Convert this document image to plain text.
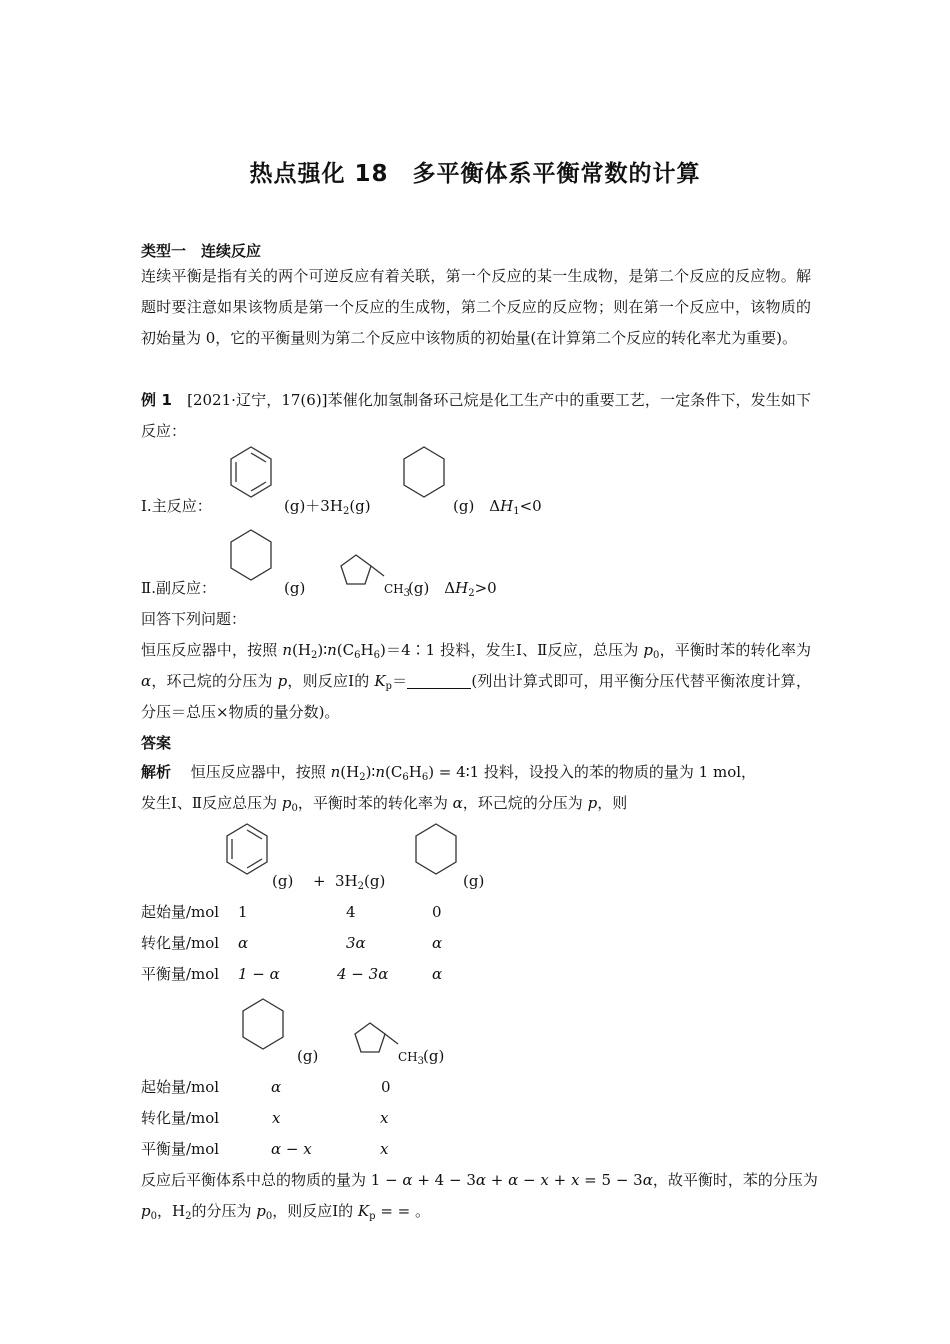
热点强化 18　多平衡体系平衡常数的计算
类型一　连续反应
连续平衡是指有关的两个可逆反应有着关联，第一个反应的某一生成物，是第二个反应的反应物。解题时要注意如果该物质是第一个反应的生成物，第二个反应的反应物；则在第一个反应中，该物质的初始量为 0，它的平衡量则为第二个反应中该物质的初始量(在计算第二个反应的转化率尤为重要)。
例 1　 [2021·辽宁，17(6)]苯催化加氢制备环己烷是化工生产中的重要工艺，一定条件下，发生如下反应：
Ⅰ.主反应：	$(g)+3H_2(g)$	(g)　$\Delta H_1<0$
Ⅱ.副反应：	(g)	$CH_3$
(g)　$\Delta H_2>0$
回答下列问题：
恒压反应器中，按照 $n(H_2)∶n(C_6H_6)=4∶1$ 投料，发生Ⅰ、Ⅱ反应，总压为 $p_0$，平衡时苯的转化率为 α，环己烷的分压为 p，则反应Ⅰ的 $K_p=$	(列出计算式即可，用平衡分压代替平衡浓度计算，分压＝总压×物质的量分数)。
答案
解析　 恒压反应器中，按照 $n(H_2)∶n(C_6H_6)$ = 4∶1 投料，设投入的苯的物质的量为 1 mol，
发生Ⅰ、Ⅱ反应总压为 $p_0$，平衡时苯的转化率为 α，环己烷的分压为 p，则
$(g) + 3H_2(g)$	(g)
起始量/mol 1	4	0
转化量/mol α	3α	α
平衡量/mol 1 − α	4 − 3α	α
(g)	$CH_3$
(g)
起始量/mol	α	0
转化量/mol	x	x
平衡量/mol	α − x	x
反应后平衡体系中总的物质的量为 1 − α + 4 − 3α + α − x + x = 5 − 3α，故平衡时，苯的分压为
$p_0$，$H_2$的分压为 $p_0$，则反应Ⅰ的 $K_p$ = = 。
